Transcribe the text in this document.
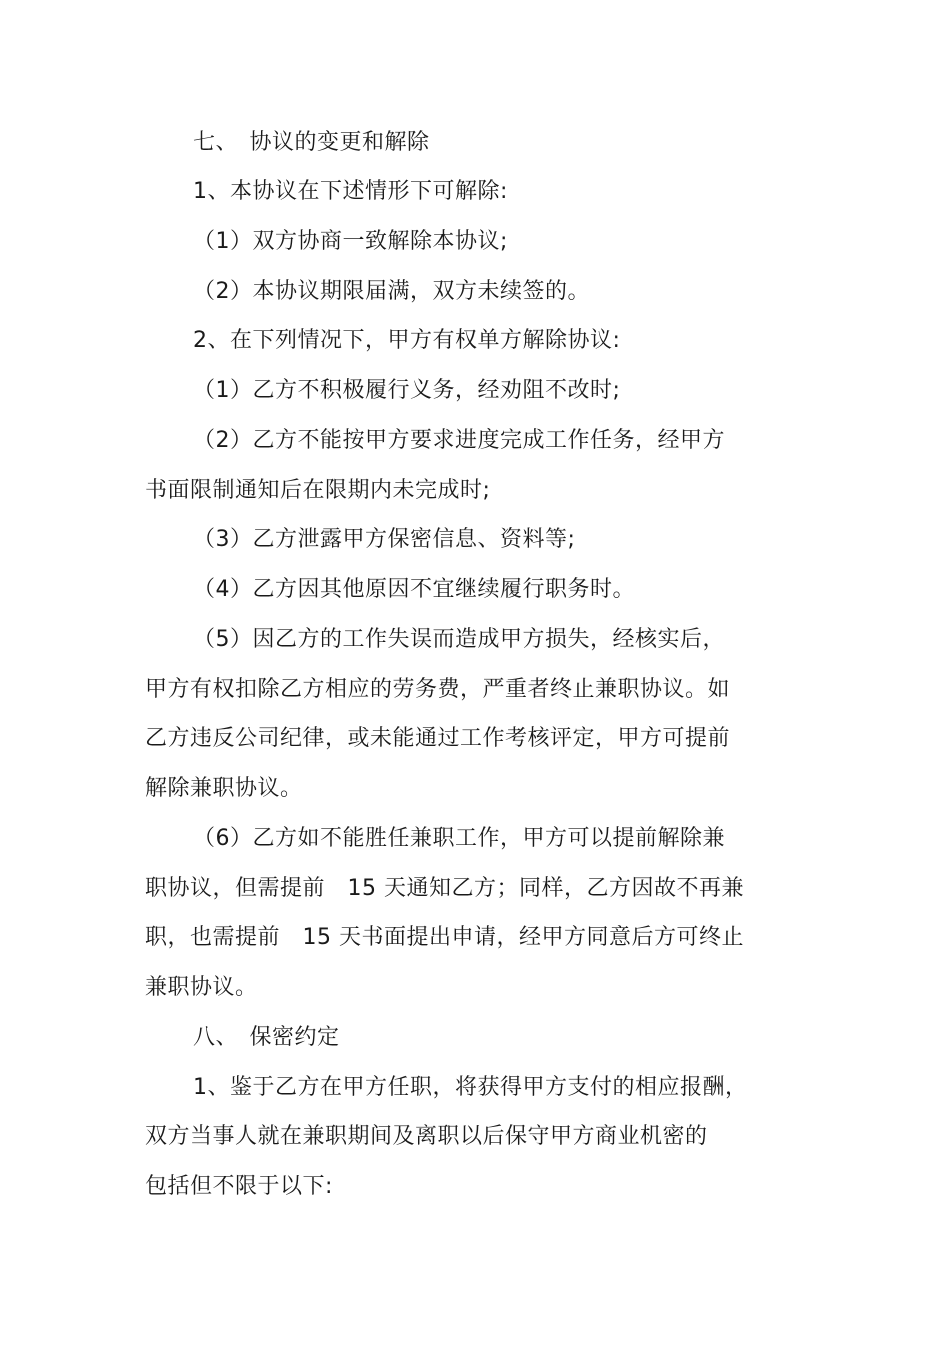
七、　协议的变更和解除
1、本协议在下述情形下可解除:
（1）双方协商一致解除本协议;
（2）本协议期限届满，双方未续签的。
2、在下列情况下，甲方有权单方解除协议:
（1）乙方不积极履行义务，经劝阻不改时;
（2）乙方不能按甲方要求进度完成工作任务，经甲方
书面限制通知后在限期内未完成时;
（3）乙方泄露甲方保密信息、资料等;
（4）乙方因其他原因不宜继续履行职务时。
（5）因乙方的工作失误而造成甲方损失，经核实后，
甲方有权扣除乙方相应的劳务费，严重者终止兼职协议。如
乙方违反公司纪律，或未能通过工作考核评定，甲方可提前
解除兼职协议。
（6）乙方如不能胜任兼职工作，甲方可以提前解除兼
职协议，但需提前　15 天通知乙方；同样，乙方因故不再兼
职，也需提前　15 天书面提出申请，经甲方同意后方可终止
兼职协议。
八、　保密约定
1、鉴于乙方在甲方任职，将获得甲方支付的相应报酬，
双方当事人就在兼职期间及离职以后保守甲方商业机密的
包括但不限于以下:
